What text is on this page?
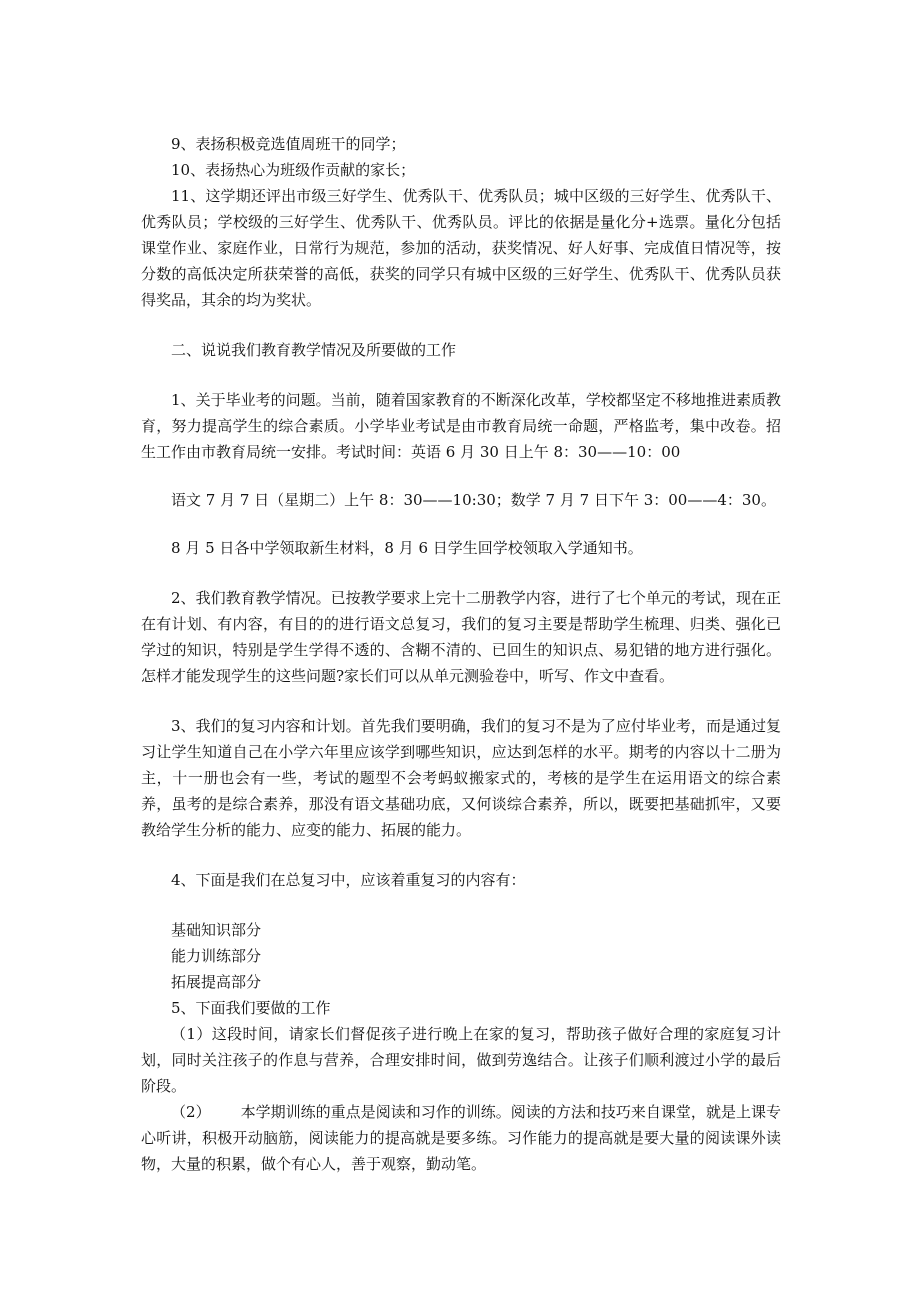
9、表扬积极竞选值周班干的同学；

10、表扬热心为班级作贡献的家长；

11、这学期还评出市级三好学生、优秀队干、优秀队员；城中区级的三好学生、优秀队干、优秀队员；学校级的三好学生、优秀队干、优秀队员。评比的依据是量化分+选票。量化分包括课堂作业、家庭作业，日常行为规范，参加的活动，获奖情况、好人好事、完成值日情况等，按分数的高低决定所获荣誉的高低，获奖的同学只有城中区级的三好学生、优秀队干、优秀队员获得奖品，其余的均为奖状。

二、说说我们教育教学情况及所要做的工作

1、关于毕业考的问题。当前，随着国家教育的不断深化改革，学校都坚定不移地推进素质教育，努力提高学生的综合素质。小学毕业考试是由市教育局统一命题，严格监考，集中改卷。招生工作由市教育局统一安排。考试时间：英语 6 月 30 日上午 8：30——10：00

语文 7 月 7 日（星期二）上午 8：30——10:30；数学 7 月 7 日下午 3：00——4：30。

8 月 5 日各中学领取新生材料，8 月 6 日学生回学校领取入学通知书。

2、我们教育教学情况。已按教学要求上完十二册教学内容，进行了七个单元的考试，现在正在有计划、有内容，有目的的进行语文总复习，我们的复习主要是帮助学生梳理、归类、强化已学过的知识，特别是学生学得不透的、含糊不清的、已回生的知识点、易犯错的地方进行强化。怎样才能发现学生的这些问题?家长们可以从单元测验卷中，听写、作文中查看。

3、我们的复习内容和计划。首先我们要明确，我们的复习不是为了应付毕业考，而是通过复习让学生知道自己在小学六年里应该学到哪些知识，应达到怎样的水平。期考的内容以十二册为主，十一册也会有一些，考试的题型不会考蚂蚁搬家式的，考核的是学生在运用语文的综合素养，虽考的是综合素养，那没有语文基础功底，又何谈综合素养，所以，既要把基础抓牢，又要教给学生分析的能力、应变的能力、拓展的能力。

4、下面是我们在总复习中，应该着重复习的内容有：

基础知识部分

能力训练部分

拓展提高部分

5、下面我们要做的工作

（1）这段时间，请家长们督促孩子进行晚上在家的复习，帮助孩子做好合理的家庭复习计划，同时关注孩子的作息与营养，合理安排时间，做到劳逸结合。让孩子们顺利渡过小学的最后阶段。

（2） 本学期训练的重点是阅读和习作的训练。阅读的方法和技巧来自课堂，就是上课专心听讲，积极开动脑筋，阅读能力的提高就是要多练。习作能力的提高就是要大量的阅读课外读物，大量的积累，做个有心人，善于观察，勤动笔。
